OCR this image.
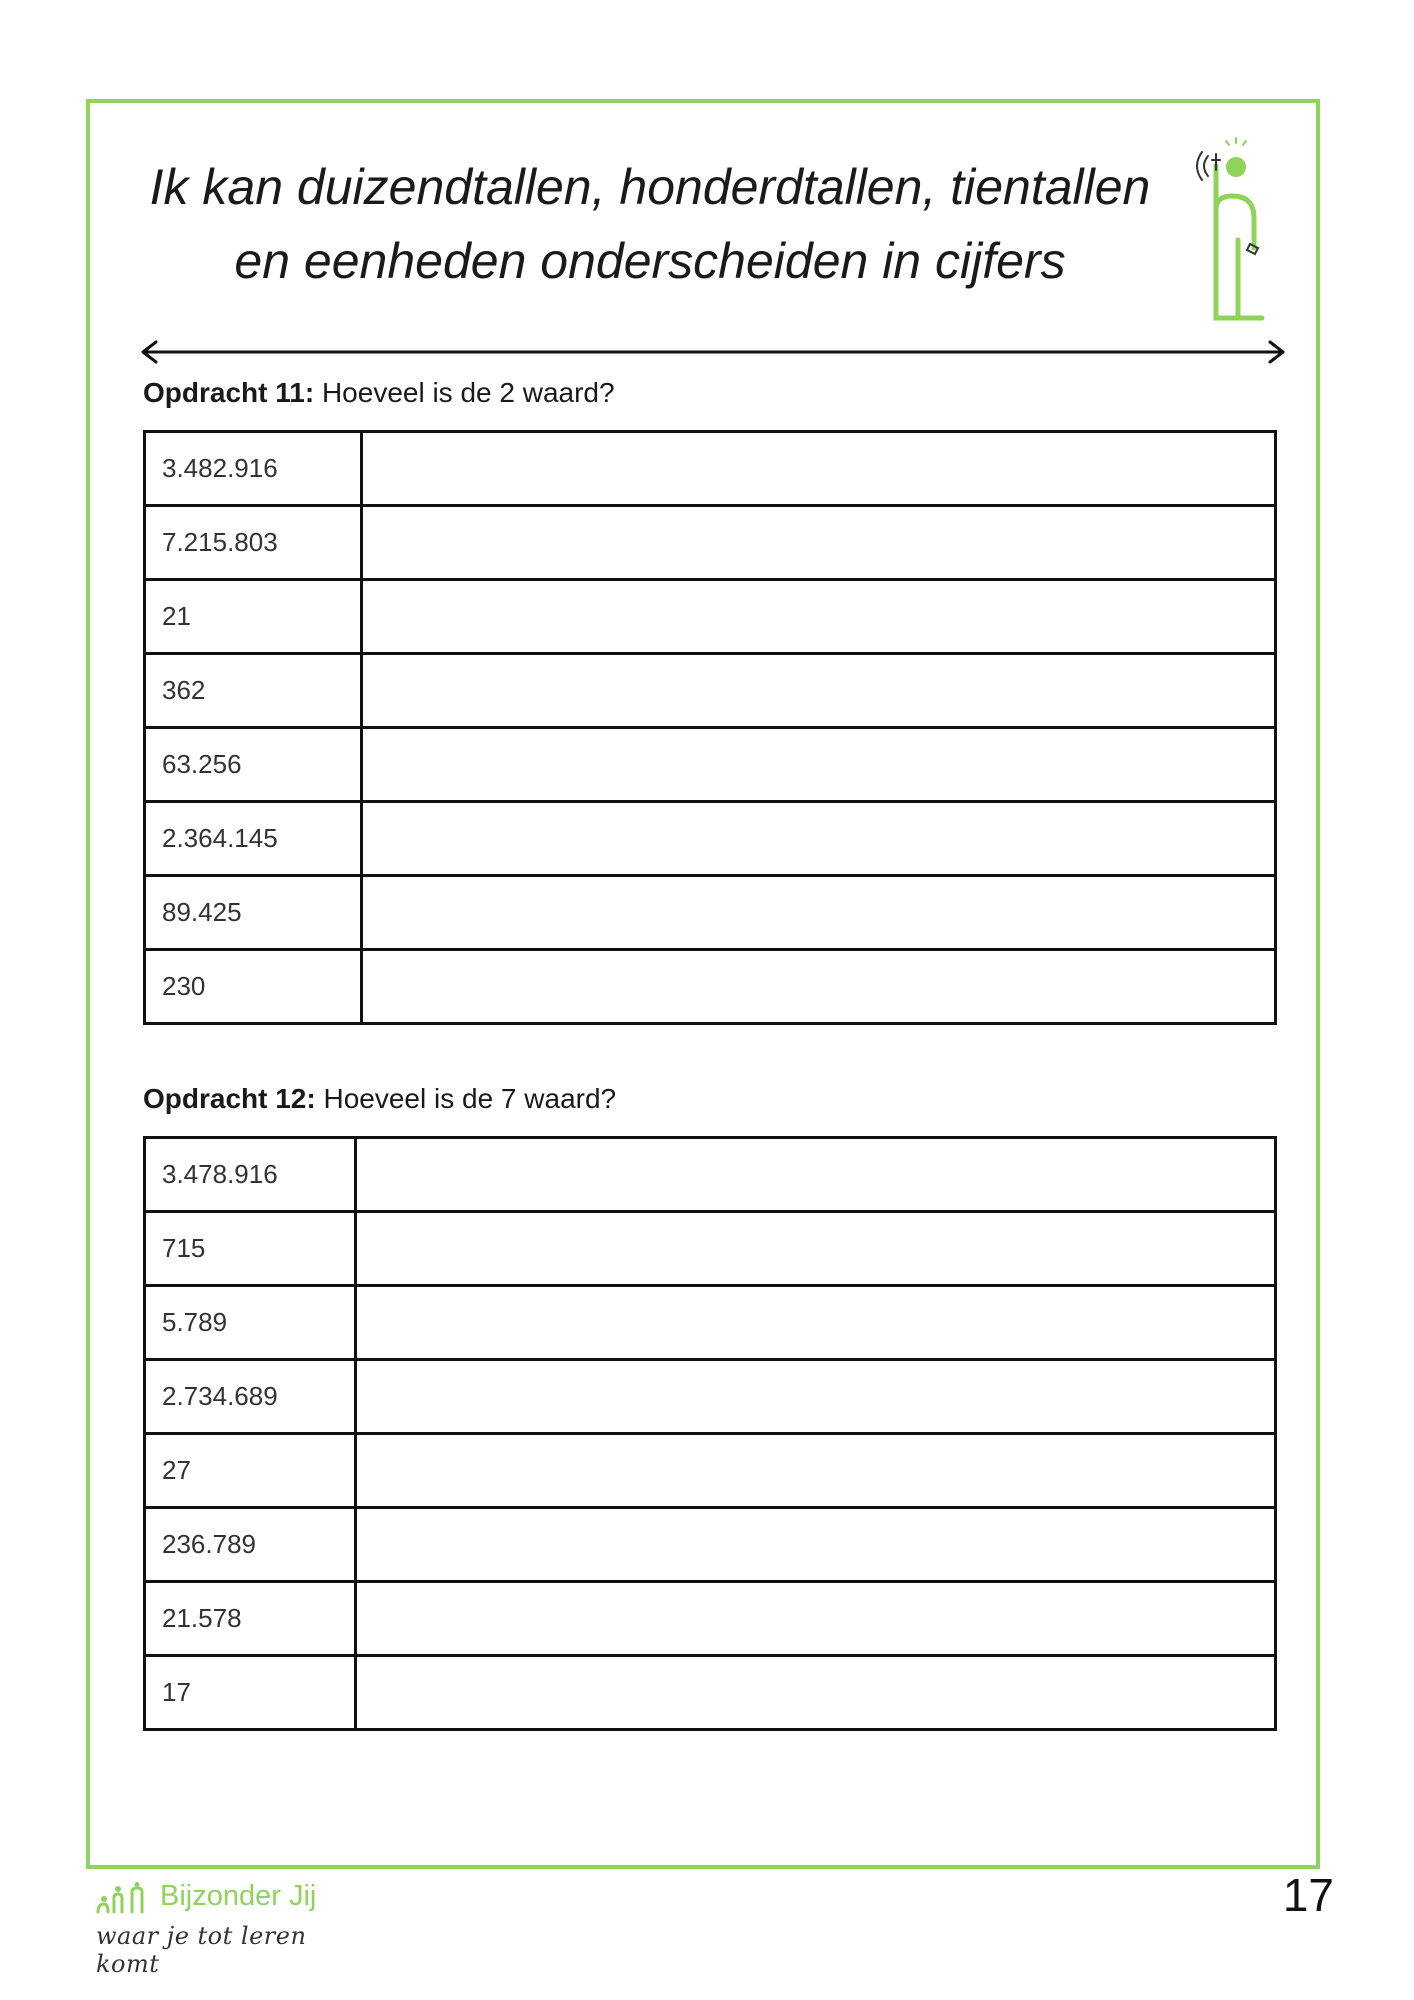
Ik kan duizendtallen, honderdtallen, tientallen
en eenheden onderscheiden in cijfers
Opdracht 11: Hoeveel is de 2 waard?
3.482.916	
7.215.803	
21	
362	
63.256	
2.364.145	
89.425	
230	
Opdracht 12: Hoeveel is de 7 waard?
3.478.916	
715	
5.789	
2.734.689	
27	
236.789	
21.578	
17	
17
Bijzonder Jij
waar je tot leren komt
